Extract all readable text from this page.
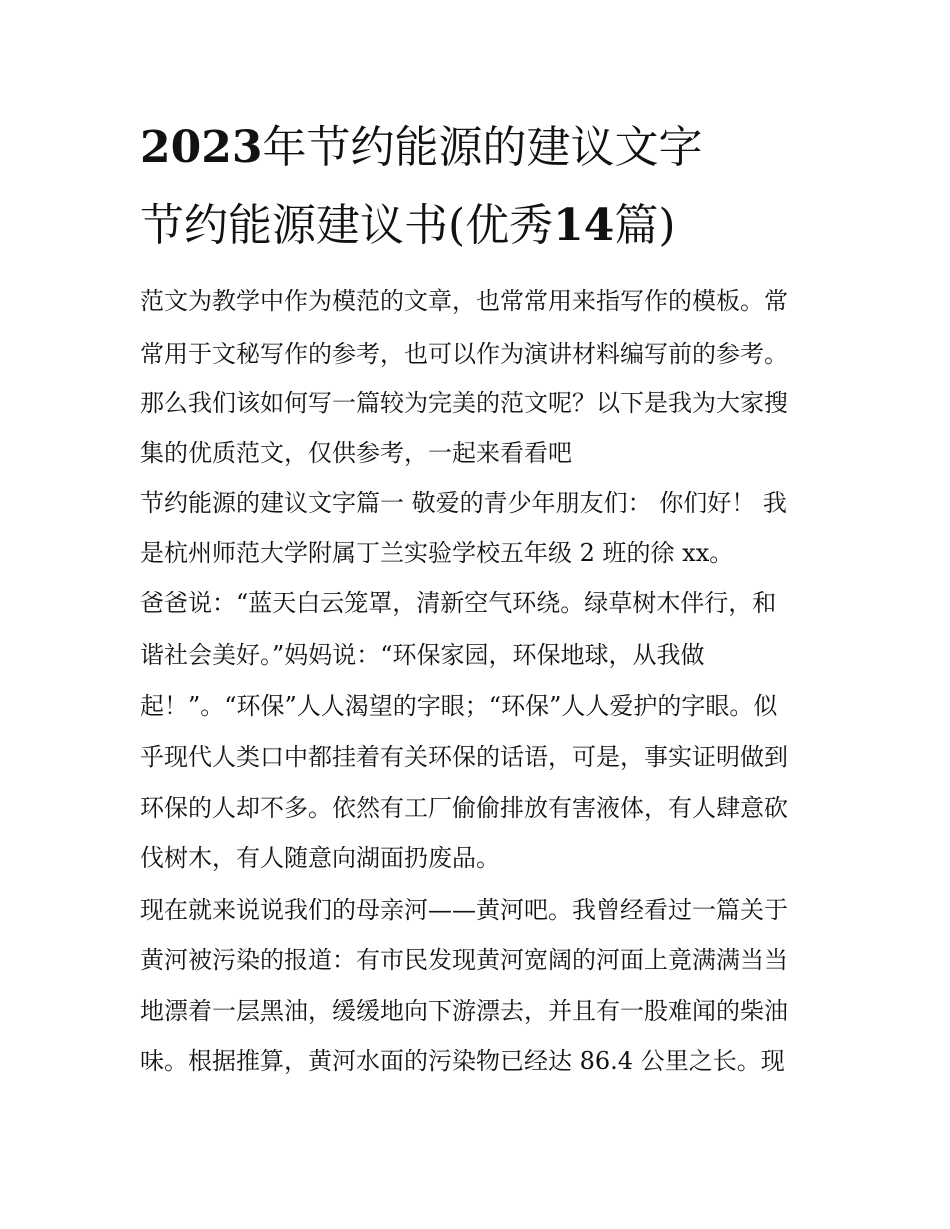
2023年节约能源的建议文字
节约能源建议书(优秀14篇)

范文为教学中作为模范的文章，也常常用来指写作的模板。常

常用于文秘写作的参考，也可以作为演讲材料编写前的参考。

那么我们该如何写一篇较为完美的范文呢？以下是我为大家搜

集的优质范文，仅供参考，一起来看看吧

节约能源的建议文字篇一 敬爱的青少年朋友们： 你们好！ 我

是杭州师范大学附属丁兰实验学校五年级 2 班的徐 xx。

爸爸说：“蓝天白云笼罩，清新空气环绕。绿草树木伴行，和

谐社会美好。”妈妈说：“环保家园，环保地球，从我做

起！”。“环保”人人渴望的字眼；“环保”人人爱护的字眼。似

乎现代人类口中都挂着有关环保的话语，可是，事实证明做到

环保的人却不多。依然有工厂偷偷排放有害液体，有人肆意砍

伐树木，有人随意向湖面扔废品。

现在就来说说我们的母亲河——黄河吧。我曾经看过一篇关于

黄河被污染的报道：有市民发现黄河宽阔的河面上竟满满当当

地漂着一层黑油，缓缓地向下游漂去，并且有一股难闻的柴油

味。根据推算，黄河水面的污染物已经达 86.4 公里之长。现
